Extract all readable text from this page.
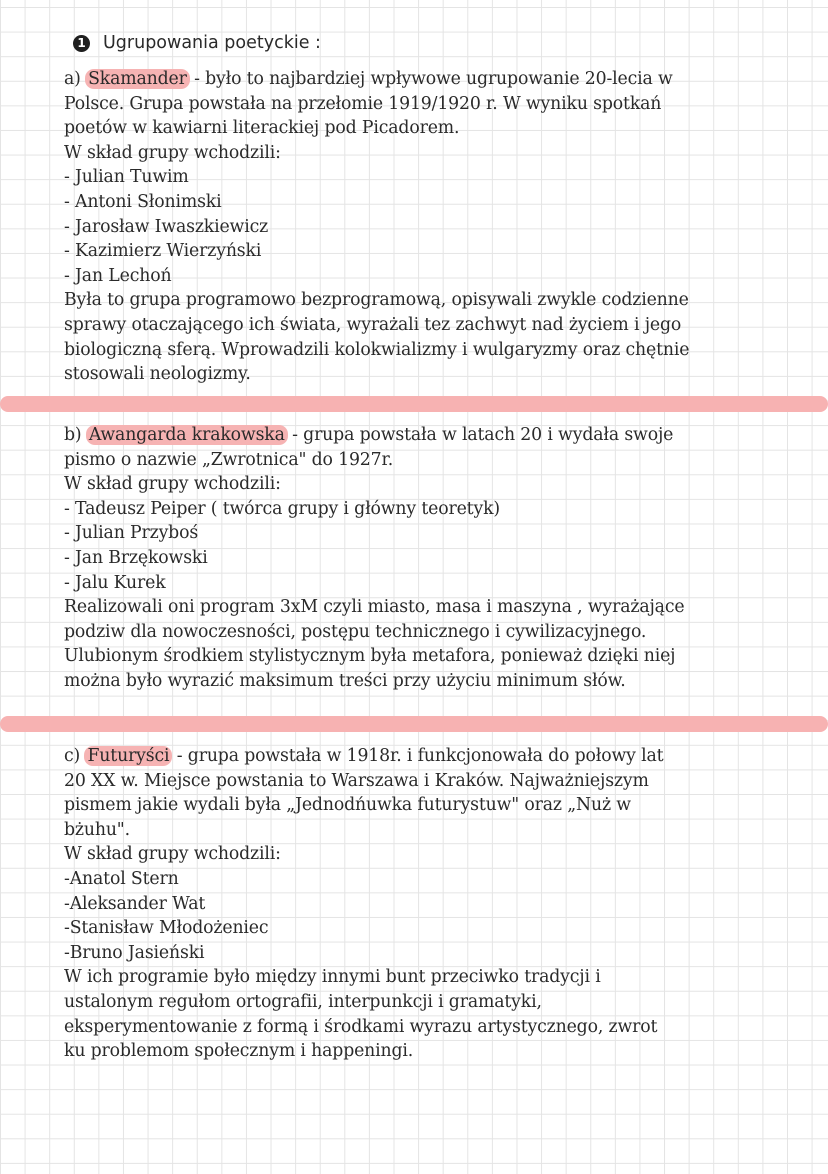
1 Ugrupowania poetyckie :
a) Skamander - było to najbardziej wpływowe ugrupowanie 20-lecia w
Polsce. Grupa powstała na przełomie 1919/1920 r. W wyniku spotkań
poetów w kawiarni literackiej pod Picadorem.
W skład grupy wchodzili:
- Julian Tuwim
- Antoni Słonimski
- Jarosław Iwaszkiewicz
- Kazimierz Wierzyński
- Jan Lechoń
Była to grupa programowo bezprogramową, opisywali zwykle codzienne
sprawy otaczającego ich świata, wyrażali tez zachwyt nad życiem i jego
biologiczną sferą. Wprowadzili kolokwializmy i wulgaryzmy oraz chętnie
stosowali neologizmy.
b) Awangarda krakowska - grupa powstała w latach 20 i wydała swoje
pismo o nazwie „Zwrotnica" do 1927r.
W skład grupy wchodzili:
- Tadeusz Peiper ( twórca grupy i główny teoretyk)
- Julian Przyboś
- Jan Brzękowski
- Jalu Kurek
Realizowali oni program 3xM czyli miasto, masa i maszyna , wyrażające
podziw dla nowoczesności, postępu technicznego i cywilizacyjnego.
Ulubionym środkiem stylistycznym była metafora, ponieważ dzięki niej
można było wyrazić maksimum treści przy użyciu minimum słów.
c) Futuryści - grupa powstała w 1918r. i funkcjonowała do połowy lat
20 XX w. Miejsce powstania to Warszawa i Kraków. Najważniejszym
pismem jakie wydali była „Jednodńuwka futurystuw" oraz „Nuż w
bżuhu".
W skład grupy wchodzili:
-Anatol Stern
-Aleksander Wat
-Stanisław Młodożeniec
-Bruno Jasieński
W ich programie było między innymi bunt przeciwko tradycji i
ustalonym regułom ortografii, interpunkcji i gramatyki,
eksperymentowanie z formą i środkami wyrazu artystycznego, zwrot
ku problemom społecznym i happeningi.
